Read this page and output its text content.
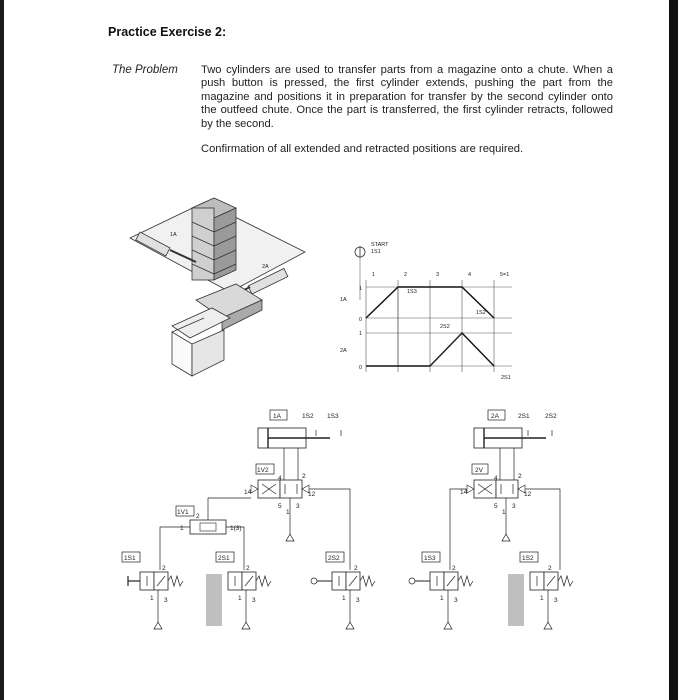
Practice Exercise 2:
The Problem Two cylinders are used to transfer parts from a magazine onto a chute. When a push button is pressed, the first cylinder extends, pushing the part from the magazine and positions it in preparation for transfer by the second cylinder onto the outfeed chute. Once the part is transferred, the first cylinder retracts, followed by the second.
Confirmation of all extended and retracted positions are required.
1A
2A
START
1S1
1	2	3	4	5=1
1A
1
0
2A
1
0
1S3
1S2
2S2
2S1
1A	1S2 1S3	2A	2S1 2S2
1V2
4	2
14	12
5 3
1
2V
4	2
14	12
5 3
1
1V1
2
1	1(3)
1S1
2
1 3
2S1
2
1 3
2S2
2
1 3
1S3
2
1 3
1S2
2
1 3
